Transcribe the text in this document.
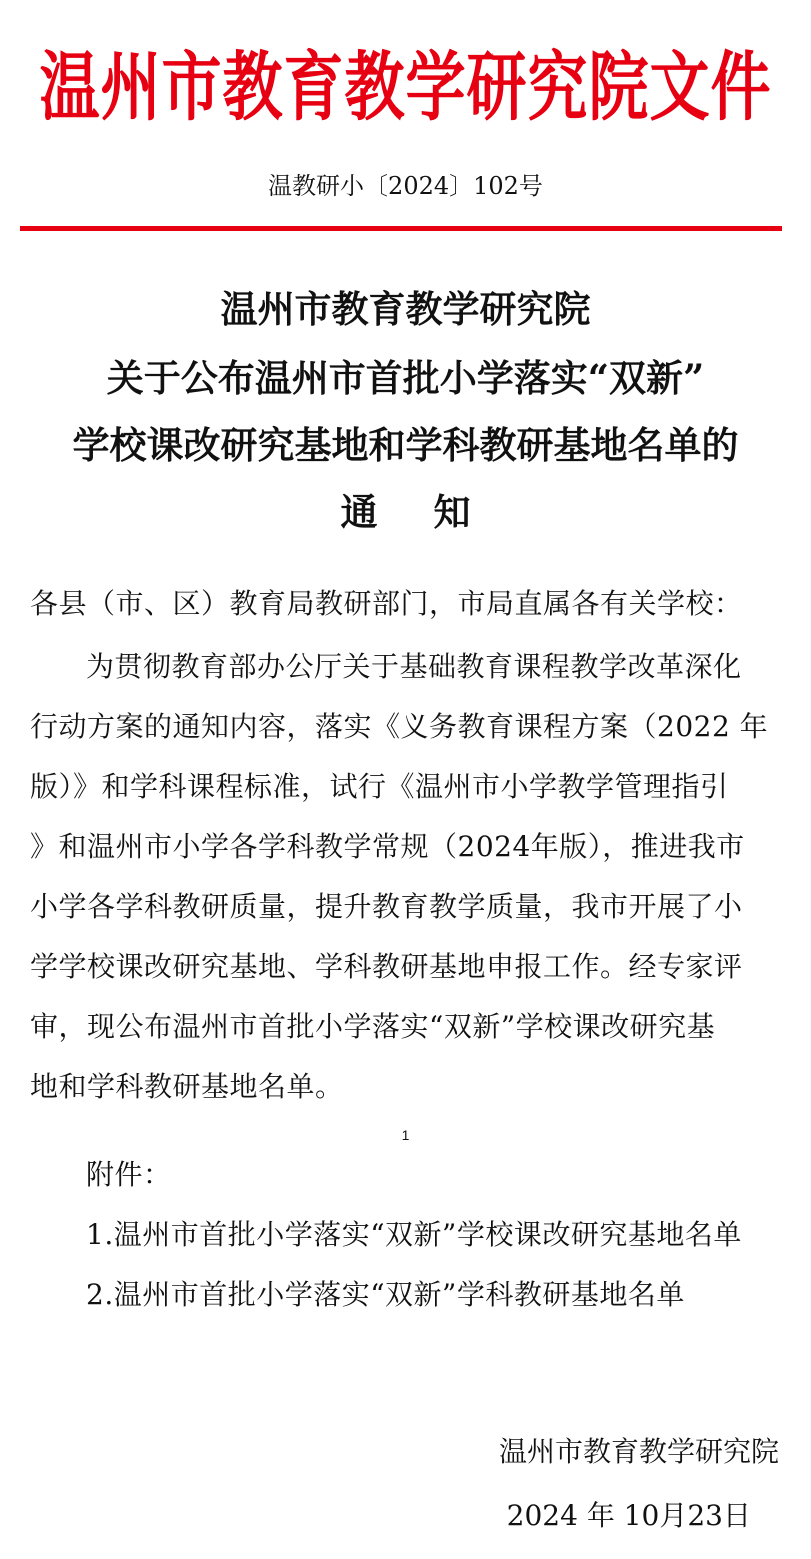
温州市教育教学研究院文件
温教研小〔2024〕102号
温州市教育教学研究院
关于公布温州市首批小学落实“双新”
学校课改研究基地和学科教研基地名单的
通知
各县（市、区）教育局教研部门，市局直属各有关学校：
为贯彻教育部办公厅关于基础教育课程教学改革深化
行动方案的通知内容，落实《义务教育课程方案（2022 年
版）》和学科课程标准，试行《温州市小学教学管理指引
》和温州市小学各学科教学常规（2024年版），推进我市
小学各学科教研质量，提升教育教学质量，我市开展了小
学学校课改研究基地、学科教研基地申报工作。经专家评
审，现公布温州市首批小学落实“双新”学校课改研究基
地和学科教研基地名单。
1
附件：
1.温州市首批小学落实“双新”学校课改研究基地名单
2.温州市首批小学落实“双新”学科教研基地名单
温州市教育教学研究院
2024 年 10月23日
